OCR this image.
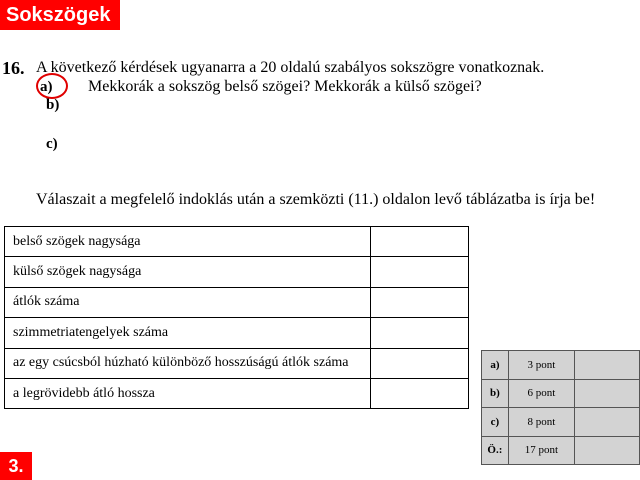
Sokszögek
16. A következő kérdések ugyanarra a 20 oldalú szabályos sokszögre vonatkoznak.
a) Mekkorák a sokszög belső szögei? Mekkorák a külső szögei?
b)
c)
Válaszait a megfelelő indoklás után a szemközti (11.) oldalon levő táblázatba is írja be!
belső szögek nagysága	
külső szögek nagysága	
átlók száma	
szimmetriatengelyek száma	
az egy csúcsból húzható különböző hosszúságú átlók száma	
a legrövidebb átló hossza	
a)	3 pont	
b)	6 pont	
c)	8 pont	
Ö.:	17 pont	
3.
